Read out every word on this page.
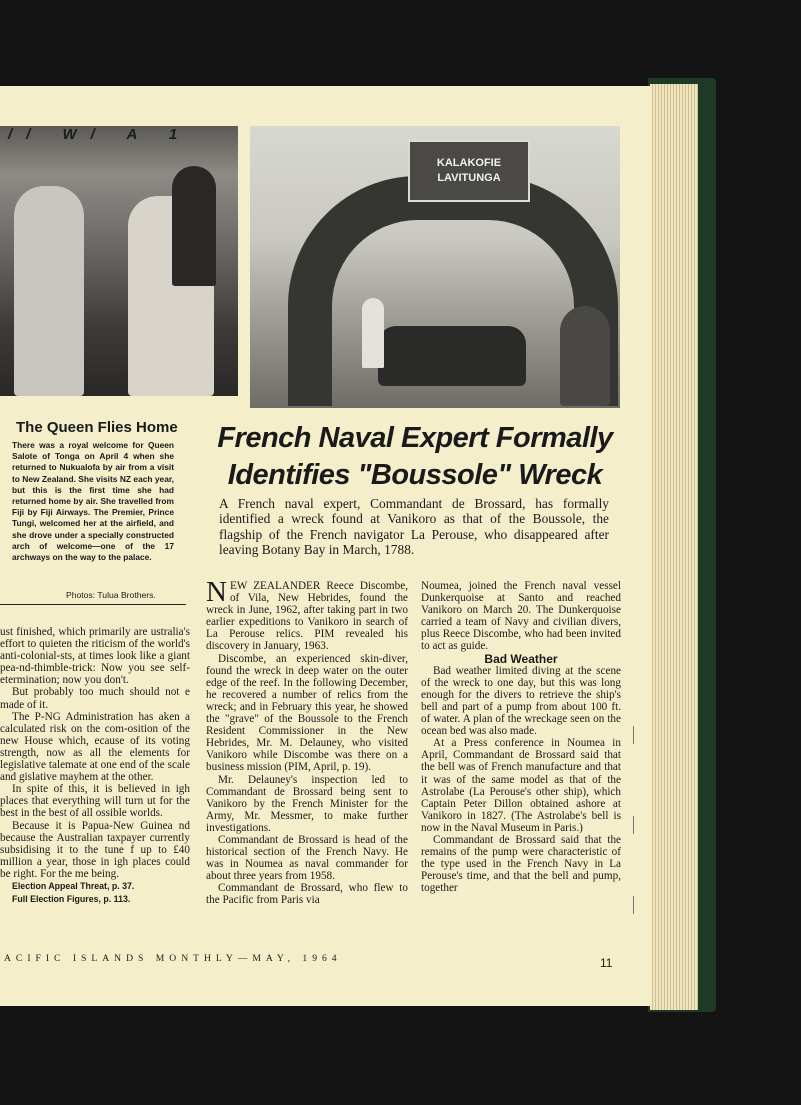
// W/ A 1
KALAKOFIE
LAVITUNGA
The Queen Flies Home
There was a royal welcome for Queen Salote of Tonga on April 4 when she returned to Nukualofa by air from a visit to New Zealand. She visits NZ each year, but this is the first time she had returned home by air. She travelled from Fiji by Fiji Airways. The Premier, Prince Tungi, welcomed her at the airfield, and she drove under a specially constructed arch of welcome—one of the 17 archways on the way to the palace.
Photos: Tulua Brothers.
French Naval Expert Formally
Identifies "Boussole" Wreck
A French naval expert, Commandant de Brossard, has formally identified a wreck found at Vanikoro as that of the Boussole, the flagship of the French navigator La Perouse, who disappeared after leaving Botany Bay in March, 1788.

ust finished, which primarily are ustralia's effort to quieten the riticism of the world's anti-colonial-sts, at times look like a giant pea-nd-thimble-trick: Now you see self-etermination; now you don't.

But probably too much should not e made of it.

The P-NG Administration has aken a calculated risk on the com-osition of the new House which, ecause of its voting strength, now as all the elements for legislative talemate at one end of the scale and gislative mayhem at the other.

In spite of this, it is believed in igh places that everything will turn ut for the best in the best of all ossible worlds.

Because it is Papua-New Guinea nd because the Australian taxpayer currently subsidising it to the tune f up to £40 million a year, those in igh places could be right. For the me being.

Election Appeal Threat, p. 37.
Full Election Figures, p. 113.

NEW ZEALANDER Reece Discombe, of Vila, New Hebrides, found the wreck in June, 1962, after taking part in two earlier expeditions to Vanikoro in search of La Perouse relics. PIM revealed his discovery in January, 1963.

Discombe, an experienced skin-diver, found the wreck in deep water on the outer edge of the reef. In the following December, he recovered a number of relics from the wreck; and in February this year, he showed the "grave" of the Boussole to the French Resident Commissioner in the New Hebrides, Mr. M. Delauney, who visited Vanikoro while Discombe was there on a business mission (PIM, April, p. 19).

Mr. Delauney's inspection led to Commandant de Brossard being sent to Vanikoro by the French Minister for the Army, Mr. Messmer, to make further investigations.

Commandant de Brossard is head of the historical section of the French Navy. He was in Noumea as naval commander for about three years from 1958.

Commandant de Brossard, who flew to the Pacific from Paris via

Noumea, joined the French naval vessel Dunkerquoise at Santo and reached Vanikoro on March 20. The Dunkerquoise carried a team of Navy and civilian divers, plus Reece Discombe, who had been invited to act as guide.

Bad Weather

Bad weather limited diving at the scene of the wreck to one day, but this was long enough for the divers to retrieve the ship's bell and part of a pump from about 100 ft. of water. A plan of the wreckage seen on the ocean bed was also made.

At a Press conference in Noumea in April, Commandant de Brossard said that the bell was of French manufacture and that it was of the same model as that of the Astrolabe (La Perouse's other ship), which Captain Peter Dillon obtained ashore at Vanikoro in 1827. (The Astrolabe's bell is now in the Naval Museum in Paris.)

Commandant de Brossard said that the remains of the pump were characteristic of the type used in the French Navy in La Perouse's time, and that the bell and pump, together

ACIFIC ISLANDS MONTHLY—MAY, 1964	11
